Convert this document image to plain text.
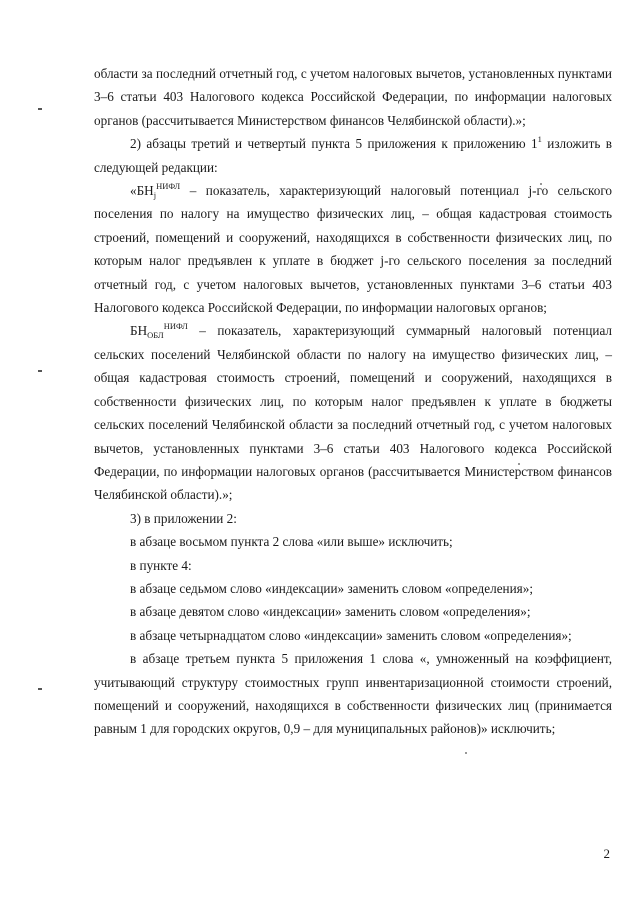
области за последний отчетный год, с учетом налоговых вычетов, установленных пунктами 3–6 статьи 403 Налогового кодекса Российской Федерации, по информации налоговых органов (рассчитывается Министерством финансов Челябинской области).»;

2) абзацы третий и четвертый пункта 5 приложения к приложению $1^1$ изложить в следующей редакции:

«$БН_j^{НИФЛ}$ – показатель, характеризующий налоговый потенциал j-го сельского поселения по налогу на имущество физических лиц, – общая кадастровая стоимость строений, помещений и сооружений, находящихся в собственности физических лиц, по которым налог предъявлен к уплате в бюджет j-го сельского поселения за последний отчетный год, с учетом налоговых вычетов, установленных пунктами 3–6 статьи 403 Налогового кодекса Российской Федерации, по информации налоговых органов;

$БН_{ОБЛ}^{НИФЛ}$ – показатель, характеризующий суммарный налоговый потенциал сельских поселений Челябинской области по налогу на имущество физических лиц, – общая кадастровая стоимость строений, помещений и сооружений, находящихся в собственности физических лиц, по которым налог предъявлен к уплате в бюджеты сельских поселений Челябинской области за последний отчетный год, с учетом налоговых вычетов, установленных пунктами 3–6 статьи 403 Налогового кодекса Российской Федерации, по информации налоговых органов (рассчитывается Министерством финансов Челябинской области).»;

3) в приложении 2:

в абзаце восьмом пункта 2 слова «или выше» исключить;

в пункте 4:

в абзаце седьмом слово «индексации» заменить словом «определения»;

в абзаце девятом слово «индексации» заменить словом «определения»;

в абзаце четырнадцатом слово «индексации» заменить словом «определения»;

в абзаце третьем пункта 5 приложения 1 слова «, умноженный на коэффициент, учитывающий структуру стоимостных групп инвентаризационной стоимости строений, помещений и сооружений, находящихся в собственности физических лиц (принимается равным 1 для городских округов, 0,9 – для муниципальных районов)» исключить;

2
